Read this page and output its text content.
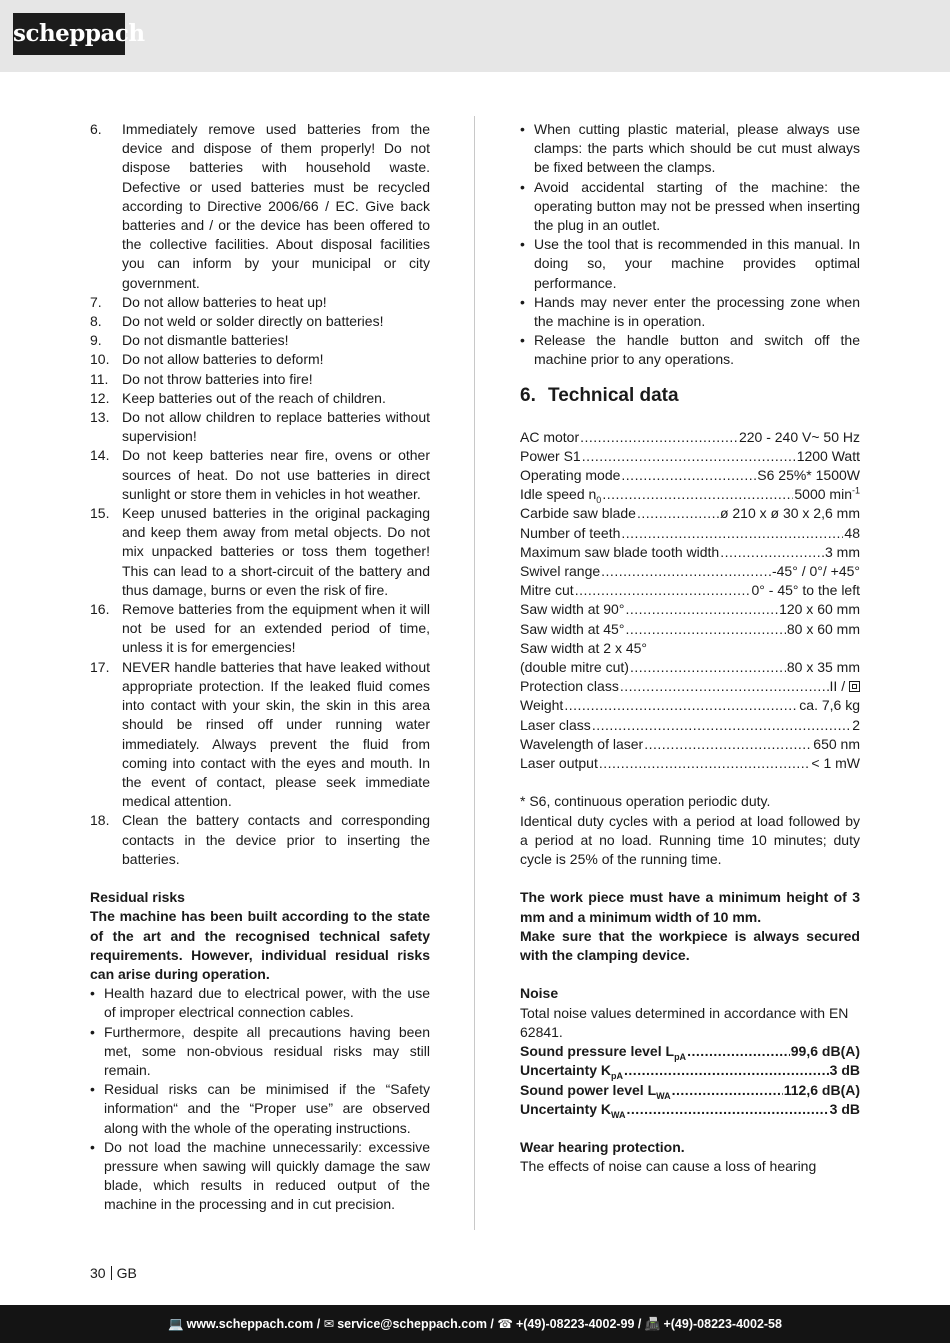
scheppach
6.	Immediately remove used batteries from the device and dispose of them properly! Do not dispose batteries with household waste. Defective or used batteries must be recycled according to Directive 2006/66 / EC. Give back batteries and / or the device has been offered to the collective facilities. About disposal facilities you can inform by your municipal or city government.
7.	Do not allow batteries to heat up!
8.	Do not weld or solder directly on batteries!
9.	Do not dismantle batteries!
10. Do not allow batteries to deform!
11. Do not throw batteries into fire!
12. Keep batteries out of the reach of children.
13. Do not allow children to replace batteries without supervision!
14. Do not keep batteries near fire, ovens or other sources of heat. Do not use batteries in direct sunlight or store them in vehicles in hot weather.
15. Keep unused batteries in the original packaging and keep them away from metal objects. Do not mix unpacked batteries or toss them together! This can lead to a short-circuit of the battery and thus damage, burns or even the risk of fire.
16. Remove batteries from the equipment when it will not be used for an extended period of time, unless it is for emergencies!
17. NEVER handle batteries that have leaked without appropriate protection. If the leaked fluid comes into contact with your skin, the skin in this area should be rinsed off under running water immediately. Always prevent the fluid from coming into contact with the eyes and mouth. In the event of contact, please seek immediate medical attention.
18. Clean the battery contacts and corresponding contacts in the device prior to inserting the batteries.
Residual risks
The machine has been built according to the state of the art and the recognised technical safety requirements. However, individual residual risks can arise during operation.
• Health hazard due to electrical power, with the use of improper electrical connection cables.
• Furthermore, despite all precautions having been met, some non-obvious residual risks may still remain.
• Residual risks can be minimised if the “Safety information“ and the “Proper use” are observed along with the whole of the operating instructions.
• Do not load the machine unnecessarily: excessive pressure when sawing will quickly damage the saw blade, which results in reduced output of the machine in the processing and in cut precision.
• When cutting plastic material, please always use clamps: the parts which should be cut must always be fixed between the clamps.
• Avoid accidental starting of the machine: the operating button may not be pressed when inserting the plug in an outlet.
• Use the tool that is recommended in this manual. In doing so, your machine provides optimal performance.
• Hands may never enter the processing zone when the machine is in operation.
• Release the handle button and switch off the machine prior to any operations.
6. Technical data
AC motor .....	220 - 240 V~ 50 Hz
Power S1 .....	1200 Watt
Operating mode .....	S6 25%* 1500W
Idle speed $n_0$ .....	5000 $\min^{-1}$
Carbide saw blade .....	ø 210 x ø 30 x 2,6 mm
Number of teeth .....	48
Maximum saw blade tooth width .....	3 mm
Swivel range .....	-45° / 0°/ +45°
Mitre cut .....	0° - 45° to the left
Saw width at 90° .....	120 x 60 mm
Saw width at 45° .....	80 x 60 mm
Saw width at 2 x 45°
(double mitre cut) .....	80 x 35 mm
Protection class .....	II /
Weight .....	ca. 7,6 kg
Laser class .....	2
Wavelength of laser .....	650 nm
Laser output .....	< 1 mW
* S6, continuous operation periodic duty.
Identical duty cycles with a period at load followed by a period at no load. Running time 10 minutes; duty cycle is 25% of the running time.
The work piece must have a minimum height of 3 mm and a minimum width of 10 mm.
Make sure that the workpiece is always secured with the clamping device.
Noise
Total noise values determined in accordance with EN 62841.
Sound pressure level $L_{pA}$ .....	99,6 dB(A)
Uncertainty $K_{pA}$ .....	3 dB
Sound power level $L_{WA}$ .....	112,6 dB(A)
Uncertainty $K_{WA}$ .....	3 dB
Wear hearing protection.
The effects of noise can cause a loss of hearing
30 GB
💻 www.scheppach.com / ✉ service@scheppach.com / ☎ +(49)-08223-4002-99 / 📠 +(49)-08223-4002-58
